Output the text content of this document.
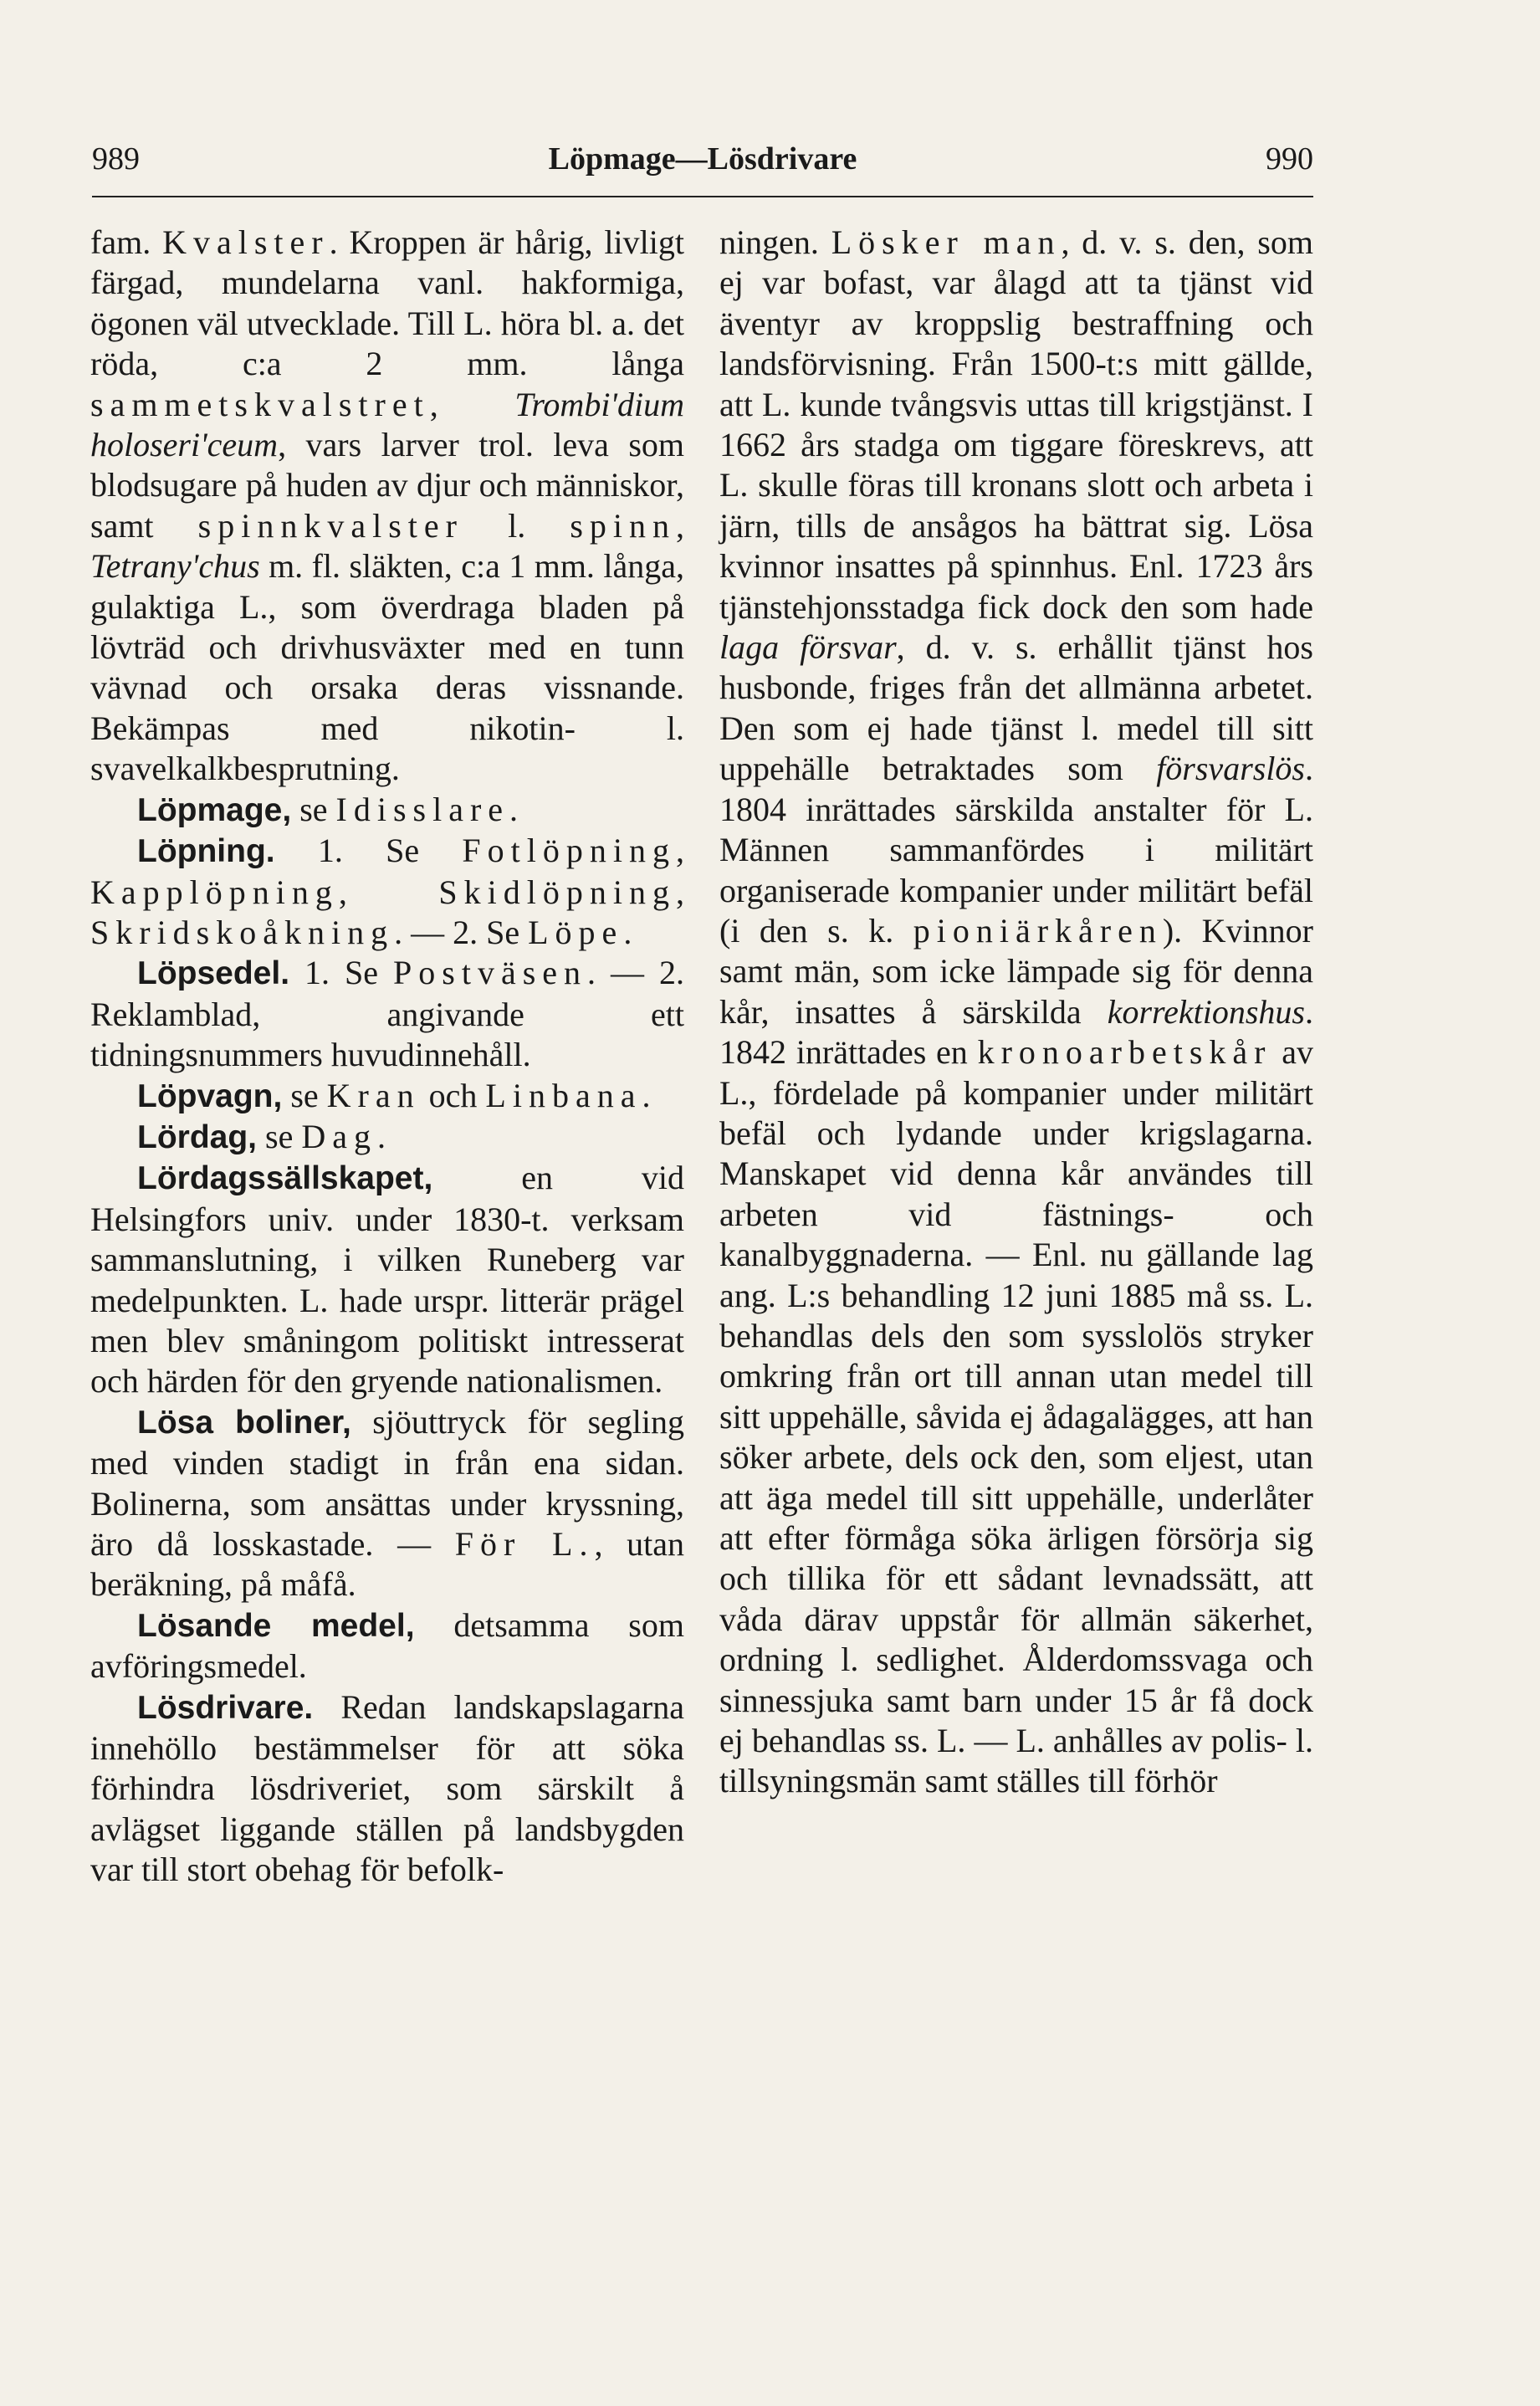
989	Löpmage—Lösdrivare	990

fam. Kvalster. Kroppen är hårig, livligt färgad, mundelarna vanl. hakformiga, ögonen väl utvecklade. Till L. höra bl. a. det röda, c:a 2 mm. långa sammetskvalstret, Trombi'dium holoseri'ceum, vars larver trol. leva som blodsugare på huden av djur och människor, samt spinnkvalster l. spinn, Tetrany'chus m. fl. släkten, c:a 1 mm. långa, gulaktiga L., som överdraga bladen på lövträd och drivhusväxter med en tunn vävnad och orsaka deras vissnande. Bekämpas med nikotin- l. svavelkalkbesprutning.

Löpmage, se Idisslare.

Löpning. 1. Se Fotlöpning, Kapplöpning, Skidlöpning, Skridskoåkning. — 2. Se Löpe.

Löpsedel. 1. Se Postväsen. — 2. Reklamblad, angivande ett tidningsnummers huvudinnehåll.

Löpvagn, se Kran och Linbana.

Lördag, se Dag.

Lördagssällskapet, en vid Helsingfors univ. under 1830-t. verksam sammanslutning, i vilken Runeberg var medelpunkten. L. hade urspr. litterär prägel men blev småningom politiskt intresserat och härden för den gryende nationalismen.

Lösa boliner, sjöuttryck för segling med vinden stadigt in från ena sidan. Bolinerna, som ansättas under kryssning, äro då losskastade. — För L., utan beräkning, på måfå.

Lösande medel, detsamma som avföringsmedel.

Lösdrivare. Redan landskapslagarna innehöllo bestämmelser för att söka förhindra lösdriveriet, som särskilt å avlägset liggande ställen på landsbygden var till stort obehag för befolk-

ningen. Lösker man, d. v. s. den, som ej var bofast, var ålagd att ta tjänst vid äventyr av kroppslig bestraffning och landsförvisning. Från 1500-t:s mitt gällde, att L. kunde tvångsvis uttas till krigstjänst. I 1662 års stadga om tiggare föreskrevs, att L. skulle föras till kronans slott och arbeta i järn, tills de ansågos ha bättrat sig. Lösa kvinnor insattes på spinnhus. Enl. 1723 års tjänstehjonsstadga fick dock den som hade laga försvar, d. v. s. erhållit tjänst hos husbonde, friges från det allmänna arbetet. Den som ej hade tjänst l. medel till sitt uppehälle betraktades som försvarslös. 1804 inrättades särskilda anstalter för L. Männen sammanfördes i militärt organiserade kompanier under militärt befäl (i den s. k. pioniärkåren). Kvinnor samt män, som icke lämpade sig för denna kår, insattes å särskilda korrektionshus. 1842 inrättades en kronoarbetskår av L., fördelade på kompanier under militärt befäl och lydande under krigslagarna. Manskapet vid denna kår användes till arbeten vid fästnings- och kanalbyggnaderna. — Enl. nu gällande lag ang. L:s behandling 12 juni 1885 må ss. L. behandlas dels den som sysslolös stryker omkring från ort till annan utan medel till sitt uppehälle, såvida ej ådagalägges, att han söker arbete, dels ock den, som eljest, utan att äga medel till sitt uppehälle, underlåter att efter förmåga söka ärligen försörja sig och tillika för ett sådant levnadssätt, att våda därav uppstår för allmän säkerhet, ordning l. sedlighet. Ålderdomssvaga och sinnessjuka samt barn under 15 år få dock ej behandlas ss. L. — L. anhålles av polis- l. tillsyningsmän samt ställes till förhör
